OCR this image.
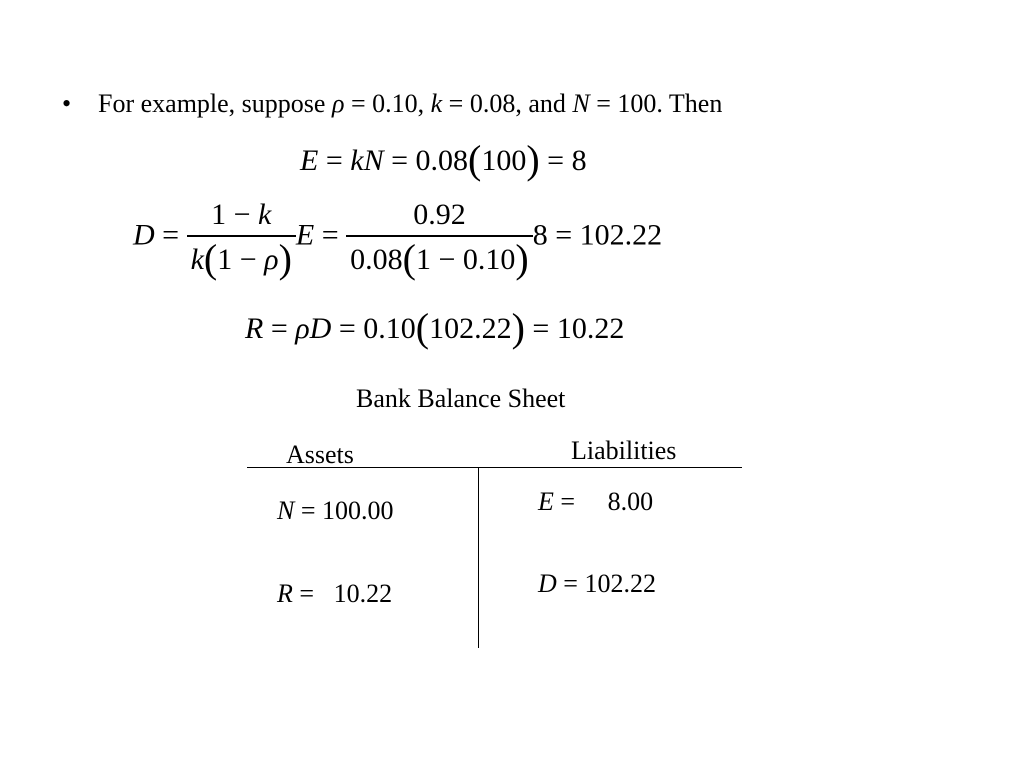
• For example, suppose ρ = 0.10, k = 0.08, and N = 100. Then
E = kN = 0.08(100) = 8
$D = \frac{1 - k}{k(1 - \rho)}$ $E = \frac{0.92}{0.08(1 - 0.10)} 8 = 102.22$
R = ρD = 0.10(102.22) = 10.22
Bank Balance Sheet
Assets	Liabilities
N = 100.00
R =   10.22
E =     8.00
D = 102.22
